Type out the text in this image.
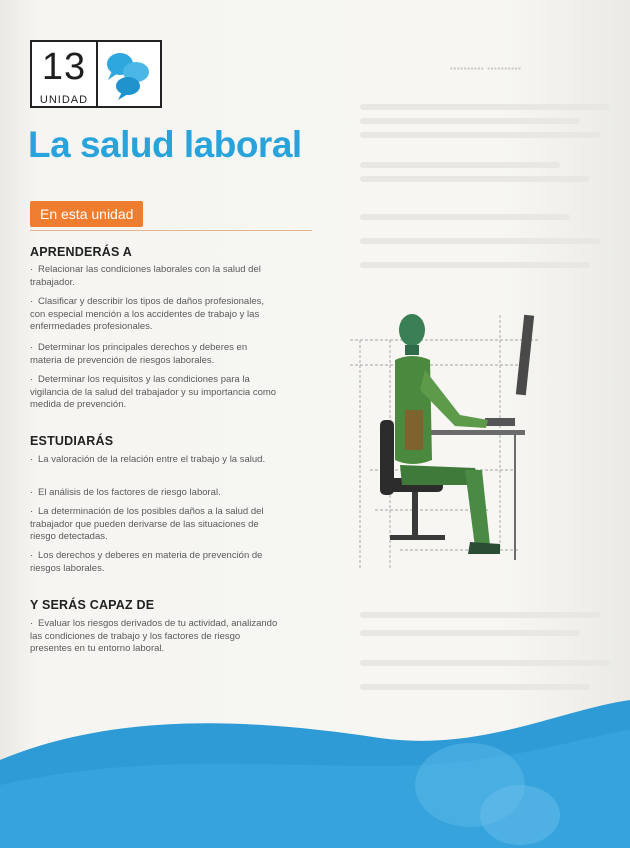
▪▪▪▪▪▪▪▪▪▪ ▪▪▪▪▪▪▪▪▪▪
13
UNIDAD
La salud laboral
En esta unidad
APRENDERÁS A
· Relacionar las condiciones laborales con la salud del trabajador.
· Clasificar y describir los tipos de daños profesionales, con especial mención a los accidentes de trabajo y las enfermedades profesionales.
· Determinar los principales derechos y deberes en materia de prevención de riesgos laborales.
· Determinar los requisitos y las condiciones para la vigilancia de la salud del trabajador y su importancia como medida de prevención.
ESTUDIARÁS
· La valoración de la relación entre el trabajo y la salud.
· El análisis de los factores de riesgo laboral.
· La determinación de los posibles daños a la salud del trabajador que pueden derivarse de las situaciones de riesgo detectadas.
· Los derechos y deberes en materia de prevención de riesgos laborales.
Y SERÁS CAPAZ DE
· Evaluar los riesgos derivados de tu actividad, analizando las condiciones de trabajo y los factores de riesgo presentes en tu entorno laboral.
